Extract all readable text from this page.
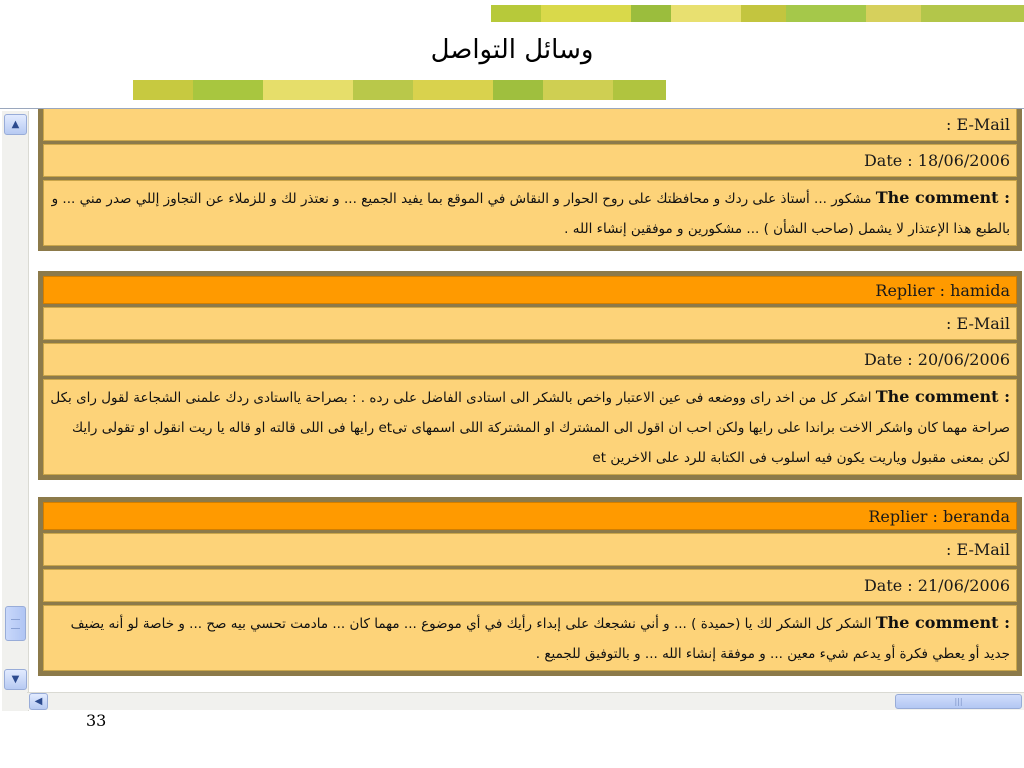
وسائل التواصل
▲
▼
: E-Mail
Date : 18/06/2006
The comment : مشكور ... أستاذ على ردك و محافظتك على روح الحوار و النقاش في الموقع بما يفيد الجميع ... و نعتذر لك و للزملاء عن التجاوز إللي صدر مني ... و بالطبع هذا الإعتذار لا يشمل (صاحب الشأن ) ... مشكورين و موفقين إنشاء الله .
Replier : hamida
: E-Mail
Date : 20/06/2006
The comment : اشكر كل من اخد راى ووضعه فى عين الاعتبار واخص بالشكر الى استادى الفاضل على رده . : بصراحة يااستادى ردك علمنى الشجاعة لقول راى بكل صراحة مهما كان واشكر الاخت براندا على رايها ولكن احب ان اقول الى المشترك او المشتركة اللى اسمهاى تىet رايها فى اللى قالته او قاله يا ريت انقول او تقولى رايك لكن بمعنى مقبول وياريت يكون فيه اسلوب فى الكتابة للرد على الاخرين et
Replier : beranda
: E-Mail
Date : 21/06/2006
The comment : الشكر كل الشكر لك يا (حميدة ) ... و أني نشجعك على إبداء رأيك في أي موضوع ... مهما كان ... مادمت تحسي بيه صح ... و خاصة لو أنه يضيف جديد أو يعطي فكرة أو يدعم شيء معين ... و موفقة إنشاء الله ... و بالتوفيق للجميع .
◀	|||
33
